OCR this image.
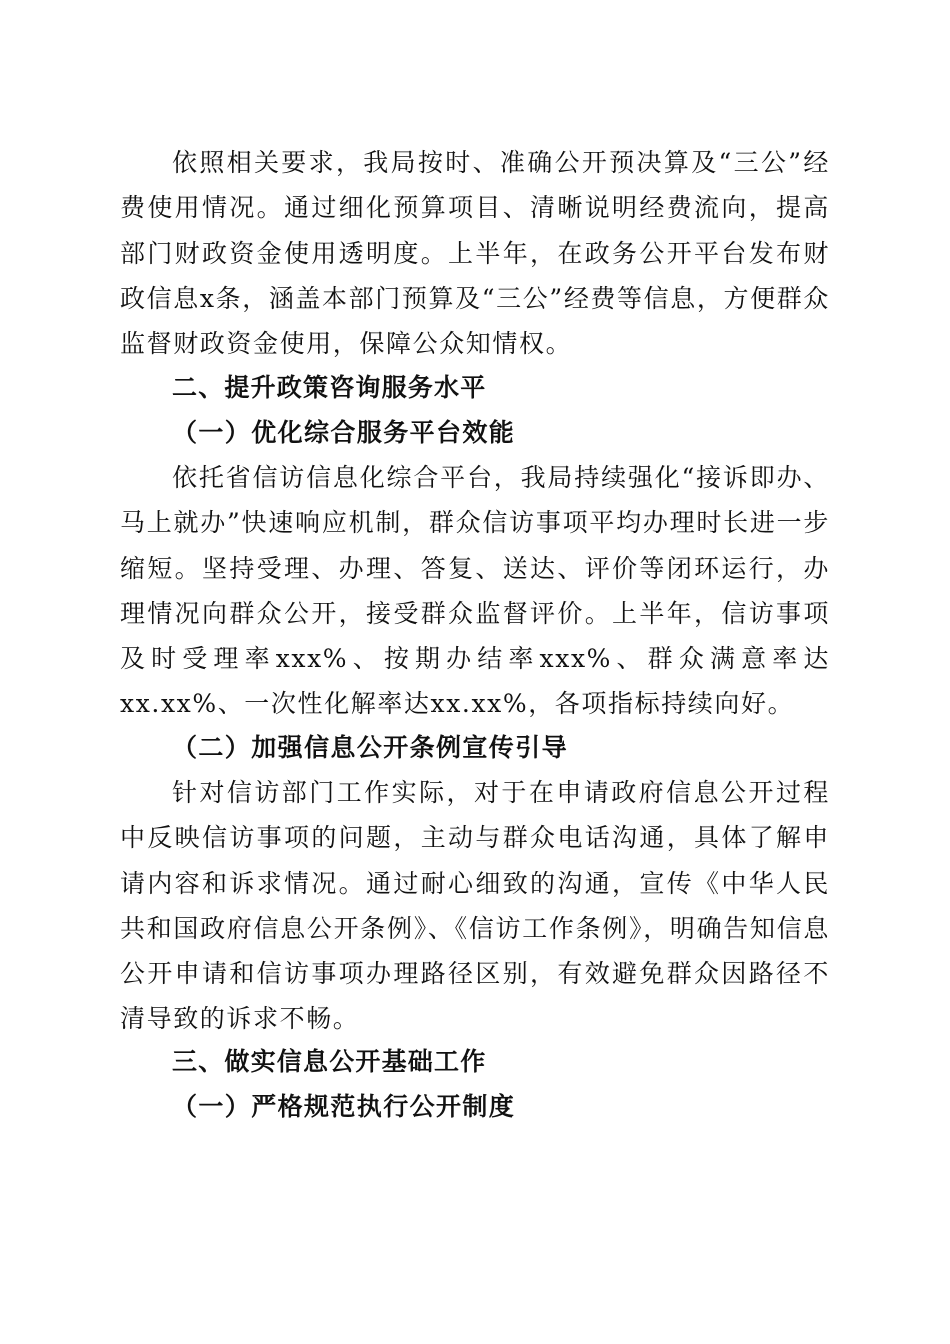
依照相关要求，我局按时、准确公开预决算及“三公”经费使用情况。通过细化预算项目、清晰说明经费流向，提高部门财政资金使用透明度。上半年，在政务公开平台发布财政信息x条，涵盖本部门预算及“三公”经费等信息，方便群众监督财政资金使用，保障公众知情权。

二、提升政策咨询服务水平
（一）优化综合服务平台效能

依托省信访信息化综合平台，我局持续强化“接诉即办、马上就办”快速响应机制，群众信访事项平均办理时长进一步缩短。坚持受理、办理、答复、送达、评价等闭环运行，办理情况向群众公开，接受群众监督评价。上半年，信访事项及时受理率xxx%、按期办结率xxx%、群众满意率达xx.xx%、一次性化解率达xx.xx%，各项指标持续向好。

（二）加强信息公开条例宣传引导

针对信访部门工作实际，对于在申请政府信息公开过程中反映信访事项的问题，主动与群众电话沟通，具体了解申请内容和诉求情况。通过耐心细致的沟通，宣传《中华人民共和国政府信息公开条例》、《信访工作条例》，明确告知信息公开申请和信访事项办理路径区别，有效避免群众因路径不清导致的诉求不畅。

三、做实信息公开基础工作
（一）严格规范执行公开制度
